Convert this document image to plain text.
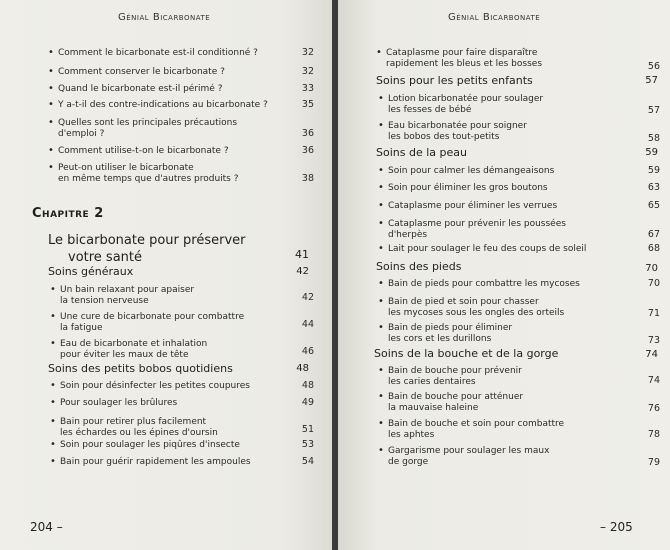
Génial Bicarbonate
• Comment le bicarbonate est-il conditionné ?	32
• Comment conserver le bicarbonate ?	32
• Quand le bicarbonate est-il périmé ?	33
• Y a-t-il des contre-indications au bicarbonate ?	35
• Quelles sont les principales précautions
d'emploi ?	36
• Comment utilise-t-on le bicarbonate ?	36
• Peut-on utiliser le bicarbonate
en même temps que d'autres produits ?	38
Chapitre 2
Le bicarbonate pour préserver
votre santé	41
Soins généraux	42
• Un bain relaxant pour apaiser
la tension nerveuse	42
• Une cure de bicarbonate pour combattre
la fatigue	44
• Eau de bicarbonate et inhalation
pour éviter les maux de tête	46
Soins des petits bobos quotidiens	48
• Soin pour désinfecter les petites coupures	48
• Pour soulager les brûlures	49
• Bain pour retirer plus facilement
les échardes ou les épines d'oursin	51
• Soin pour soulager les piqûres d'insecte	53
• Bain pour guérir rapidement les ampoules	54
204 –
Génial Bicarbonate
• Cataplasme pour faire disparaître
rapidement les bleus et les bosses	56
Soins pour les petits enfants	57
• Lotion bicarbonatée pour soulager
les fesses de bébé	57
• Eau bicarbonatée pour soigner
les bobos des tout-petits	58
Soins de la peau	59
• Soin pour calmer les démangeaisons	59
• Soin pour éliminer les gros boutons	63
• Cataplasme pour éliminer les verrues	65
• Cataplasme pour prévenir les poussées
d'herpès	67
• Lait pour soulager le feu des coups de soleil	68
Soins des pieds	70
• Bain de pieds pour combattre les mycoses	70
• Bain de pied et soin pour chasser
les mycoses sous les ongles des orteils	71
• Bain de pieds pour éliminer
les cors et les durillons	73
Soins de la bouche et de la gorge	74
• Bain de bouche pour prévenir
les caries dentaires	74
• Bain de bouche pour atténuer
la mauvaise haleine	76
• Bain de bouche et soin pour combattre
les aphtes	78
• Gargarisme pour soulager les maux
de gorge	79
– 205
